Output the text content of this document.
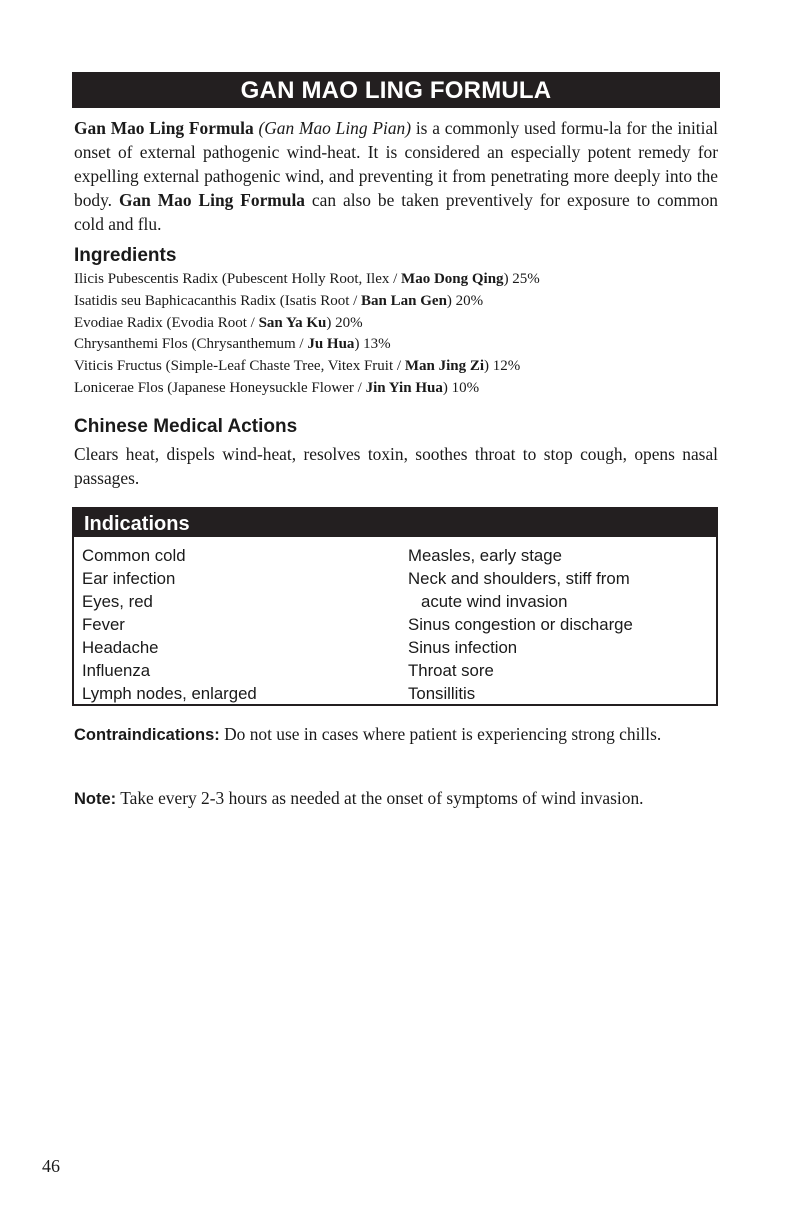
GAN MAO LING FORMULA
Gan Mao Ling Formula (Gan Mao Ling Pian) is a commonly used formu-la for the initial onset of external pathogenic wind-heat. It is considered an especially potent remedy for expelling external pathogenic wind, and preventing it from penetrating more deeply into the body. Gan Mao Ling Formula can also be taken preventively for exposure to common cold and flu.
Ingredients
Ilicis Pubescentis Radix (Pubescent Holly Root, Ilex / Mao Dong Qing) 25%
Isatidis seu Baphicacanthis Radix (Isatis Root / Ban Lan Gen) 20%
Evodiae Radix (Evodia Root / San Ya Ku) 20%
Chrysanthemi Flos (Chrysanthemum / Ju Hua) 13%
Viticis Fructus (Simple-Leaf Chaste Tree, Vitex Fruit / Man Jing Zi) 12%
Lonicerae Flos (Japanese Honeysuckle Flower / Jin Yin Hua) 10%
Chinese Medical Actions
Clears heat, dispels wind-heat, resolves toxin, soothes throat to stop cough, opens nasal passages.
Indications
Common cold
Ear infection
Eyes, red
Fever
Headache
Influenza
Lymph nodes, enlarged
Measles, early stage
Neck and shoulders, stiff from
acute wind invasion
Sinus congestion or discharge
Sinus infection
Throat sore
Tonsillitis
Contraindications: Do not use in cases where patient is experiencing strong chills.
Note: Take every 2-3 hours as needed at the onset of symptoms of wind invasion.
46
